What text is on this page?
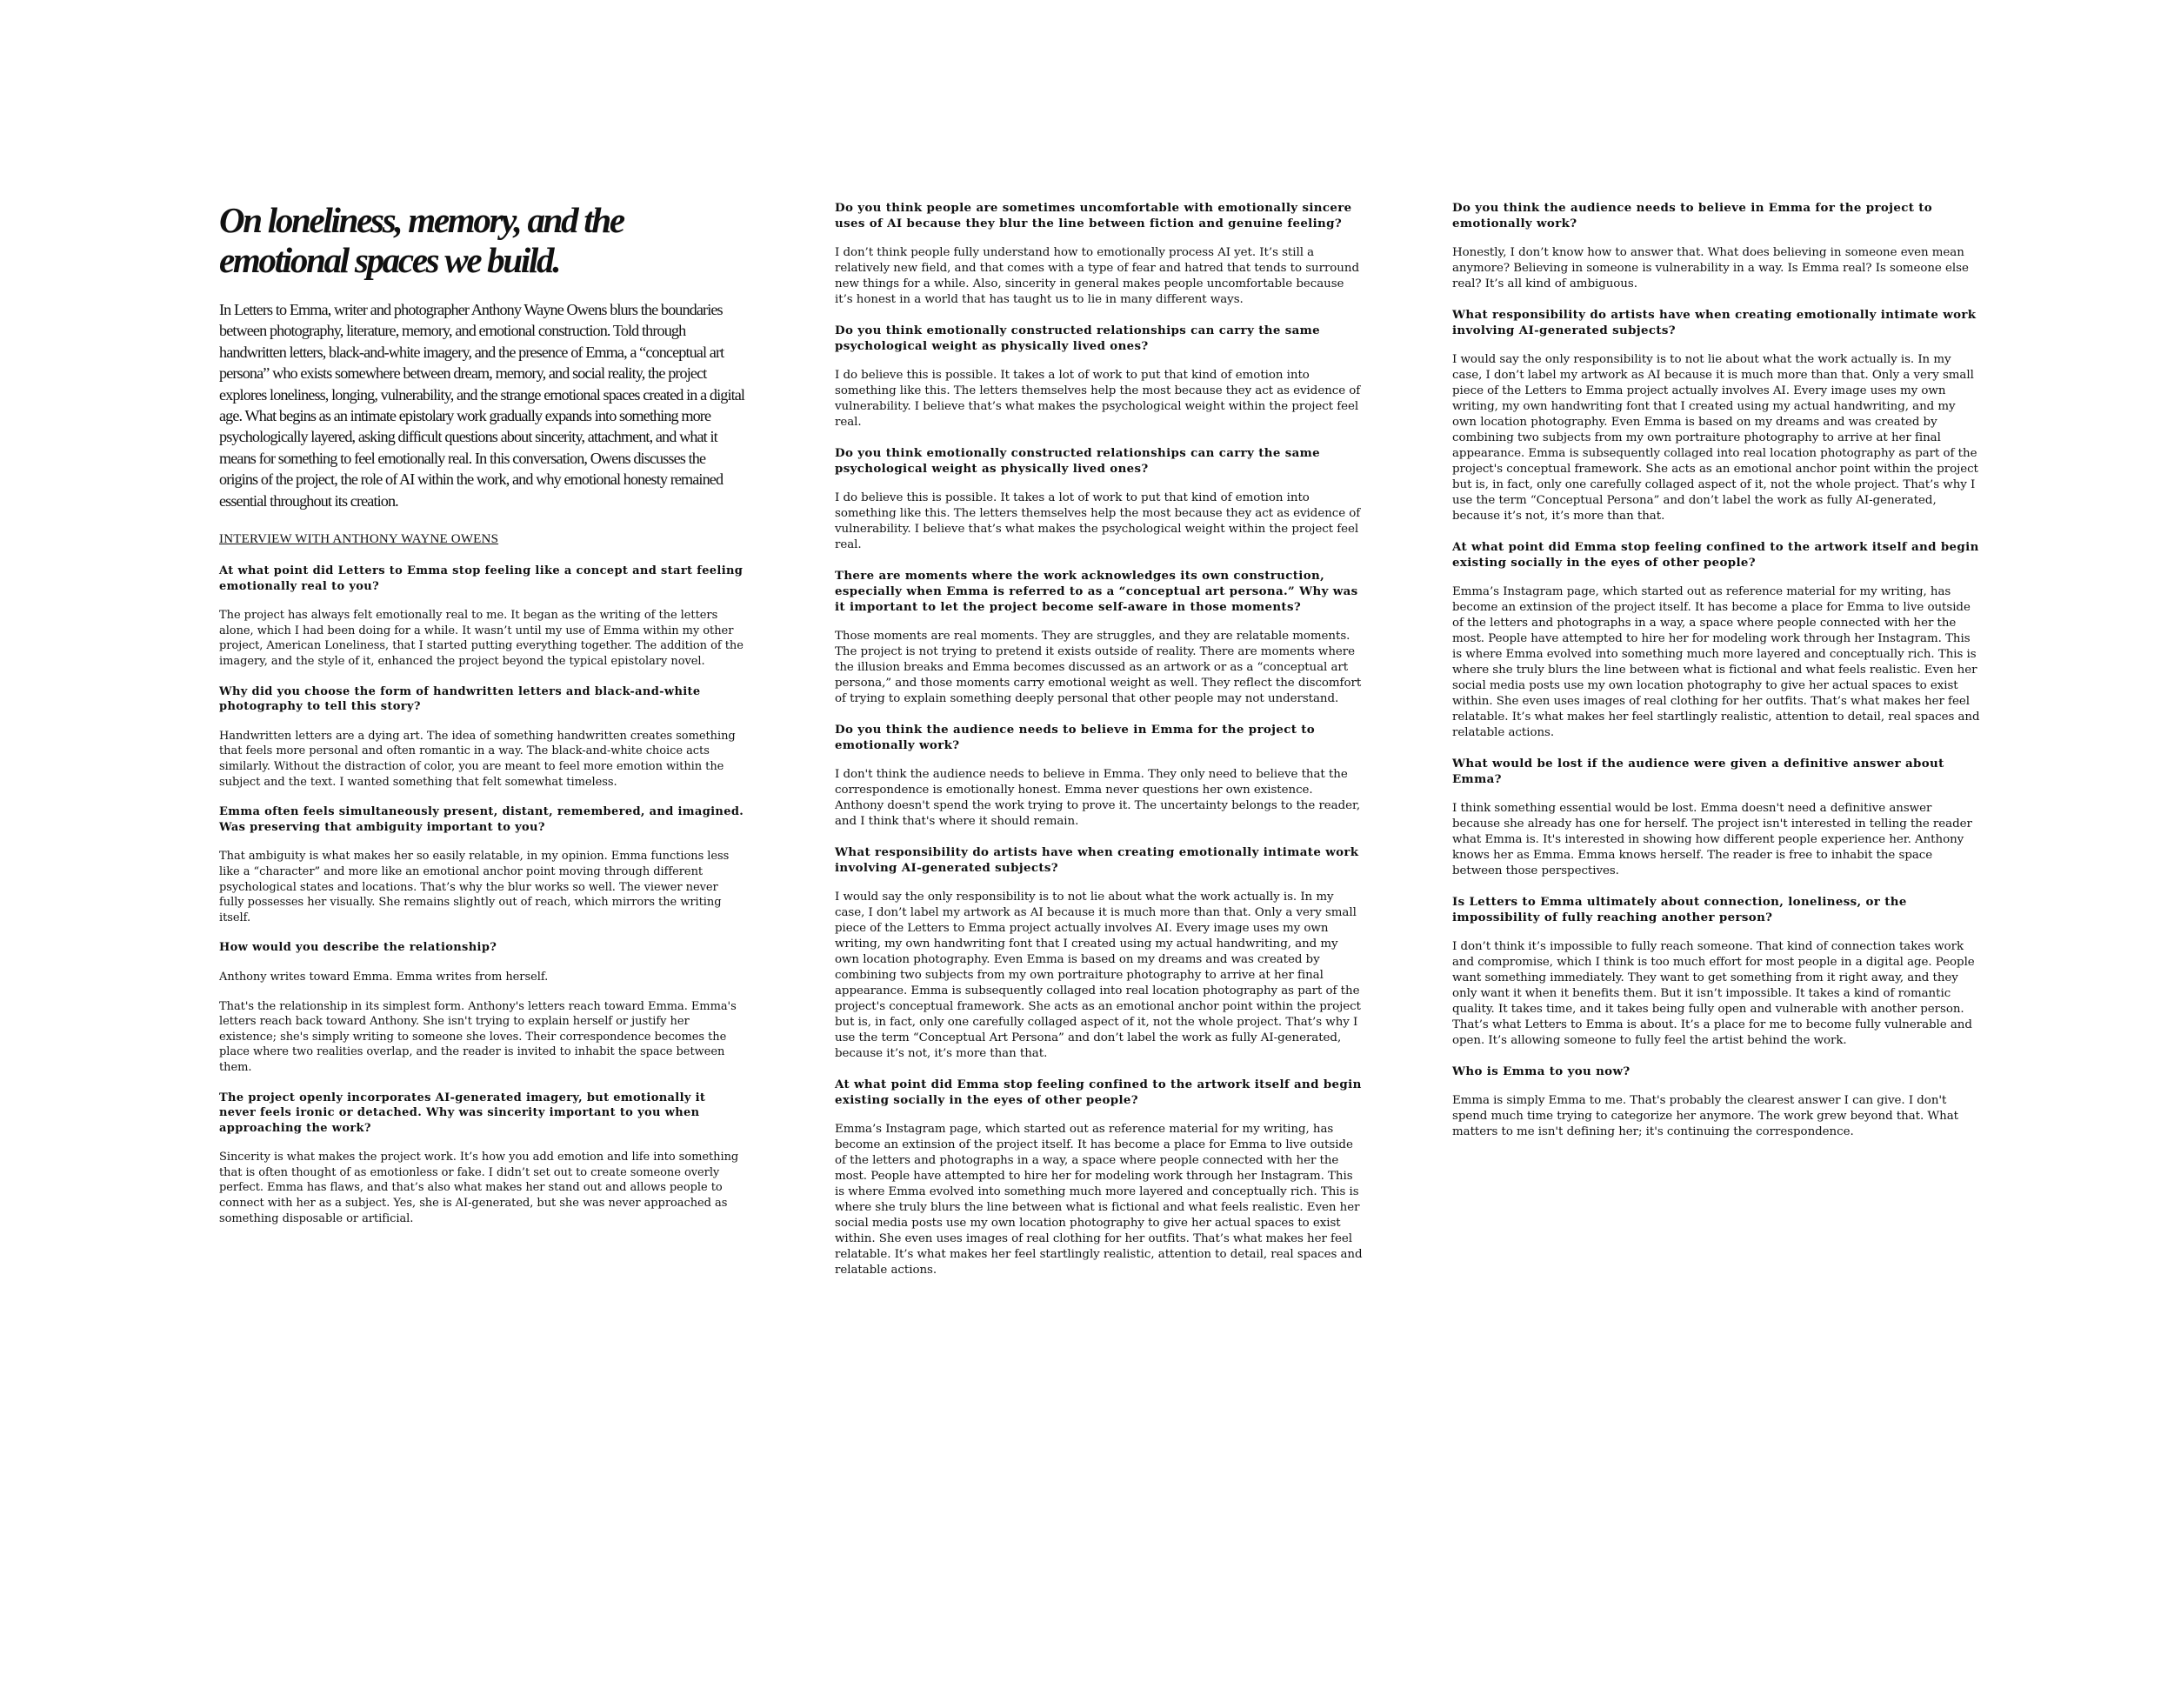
On loneliness, memory, and the emotional spaces we build.

In Letters to Emma, writer and photographer Anthony Wayne Owens blurs the boundaries between photography, literature, memory, and emotional construction. Told through handwritten letters, black-and-white imagery, and the presence of Emma, a “conceptual art persona” who exists somewhere between dream, memory, and social reality, the project explores loneliness, longing, vulnerability, and the strange emotional spaces created in a digital age. What begins as an intimate epistolary work gradually expands into something more psychologically layered, asking difficult questions about sincerity, attachment, and what it means for something to feel emotionally real. In this conversation, Owens discusses the origins of the project, the role of AI within the work, and why emotional honesty remained essential throughout its creation.

INTERVIEW WITH ANTHONY WAYNE OWENS

At what point did Letters to Emma stop feeling like a concept and start feeling emotionally real to you?

The project has always felt emotionally real to me. It began as the writing of the letters alone, which I had been doing for a while. It wasn’t until my use of Emma within my other project, American Loneliness, that I started putting everything together. The addition of the imagery, and the style of it, enhanced the project beyond the typical epistolary novel.

Why did you choose the form of handwritten letters and black-and-white photography to tell this story?

Handwritten letters are a dying art. The idea of something handwritten creates something that feels more personal and often romantic in a way. The black-and-white choice acts similarly. Without the distraction of color, you are meant to feel more emotion within the subject and the text. I wanted something that felt somewhat timeless.

Emma often feels simultaneously present, distant, remembered, and imagined. Was preserving that ambiguity important to you?

That ambiguity is what makes her so easily relatable, in my opinion. Emma functions less like a “character” and more like an emotional anchor point moving through different psychological states and locations. That’s why the blur works so well. The viewer never fully possesses her visually. She remains slightly out of reach, which mirrors the writing itself.

How would you describe the relationship?

Anthony writes toward Emma. Emma writes from herself.

That's the relationship in its simplest form. Anthony's letters reach toward Emma. Emma's letters reach back toward Anthony. She isn't trying to explain herself or justify her existence; she's simply writing to someone she loves. Their correspondence becomes the place where two realities overlap, and the reader is invited to inhabit the space between them.

The project openly incorporates AI-generated imagery, but emotionally it never feels ironic or detached. Why was sincerity important to you when approaching the work?

Sincerity is what makes the project work. It’s how you add emotion and life into something that is often thought of as emotionless or fake. I didn’t set out to create someone overly perfect. Emma has flaws, and that’s also what makes her stand out and allows people to connect with her as a subject. Yes, she is AI-generated, but she was never approached as something disposable or artificial.

Do you think people are sometimes uncomfortable with emotionally sincere uses of AI because they blur the line between fiction and genuine feeling?

I don’t think people fully understand how to emotionally process AI yet. It’s still a relatively new field, and that comes with a type of fear and hatred that tends to surround new things for a while. Also, sincerity in general makes people uncomfortable because it’s honest in a world that has taught us to lie in many different ways.

Do you think emotionally constructed relationships can carry the same psychological weight as physically lived ones?

I do believe this is possible. It takes a lot of work to put that kind of emotion into something like this. The letters themselves help the most because they act as evidence of vulnerability. I believe that’s what makes the psychological weight within the project feel real.

Do you think emotionally constructed relationships can carry the same psychological weight as physically lived ones?

I do believe this is possible. It takes a lot of work to put that kind of emotion into something like this. The letters themselves help the most because they act as evidence of vulnerability. I believe that’s what makes the psychological weight within the project feel real.

There are moments where the work acknowledges its own construction, especially when Emma is referred to as a “conceptual art persona.” Why was it important to let the project become self-aware in those moments?

Those moments are real moments. They are struggles, and they are relatable moments. The project is not trying to pretend it exists outside of reality. There are moments where the illusion breaks and Emma becomes discussed as an artwork or as a “conceptual art persona,” and those moments carry emotional weight as well. They reflect the discomfort of trying to explain something deeply personal that other people may not understand.

Do you think the audience needs to believe in Emma for the project to emotionally work?

I don't think the audience needs to believe in Emma. They only need to believe that the correspondence is emotionally honest. Emma never questions her own existence. Anthony doesn't spend the work trying to prove it. The uncertainty belongs to the reader, and I think that's where it should remain.

What responsibility do artists have when creating emotionally intimate work involving AI-generated subjects?

I would say the only responsibility is to not lie about what the work actually is. In my case, I don’t label my artwork as AI because it is much more than that. Only a very small piece of the Letters to Emma project actually involves AI. Every image uses my own writing, my own handwriting font that I created using my actual handwriting, and my own location photography. Even Emma is based on my dreams and was created by combining two subjects from my own portraiture photography to arrive at her final appearance. Emma is subsequently collaged into real location photography as part of the project's conceptual framework. She acts as an emotional anchor point within the project but is, in fact, only one carefully collaged aspect of it, not the whole project. That’s why I use the term “Conceptual Art Persona” and don’t label the work as fully AI-generated, because it’s not, it’s more than that.

At what point did Emma stop feeling confined to the artwork itself and begin existing socially in the eyes of other people?

Emma’s Instagram page, which started out as reference material for my writing, has become an extinsion of the project itself. It has become a place for Emma to live outside of the letters and photographs in a way, a space where people connected with her the most. People have attempted to hire her for modeling work through her Instagram. This is where Emma evolved into something much more layered and conceptually rich. This is where she truly blurs the line between what is fictional and what feels realistic. Even her social media posts use my own location photography to give her actual spaces to exist within. She even uses images of real clothing for her outfits. That’s what makes her feel relatable. It’s what makes her feel startlingly realistic, attention to detail, real spaces and relatable actions.

Do you think the audience needs to believe in Emma for the project to emotionally work?

Honestly, I don’t know how to answer that. What does believing in someone even mean anymore? Believing in someone is vulnerability in a way. Is Emma real? Is someone else real? It’s all kind of ambiguous.

What responsibility do artists have when creating emotionally intimate work involving AI-generated subjects?

I would say the only responsibility is to not lie about what the work actually is. In my case, I don’t label my artwork as AI because it is much more than that. Only a very small piece of the Letters to Emma project actually involves AI. Every image uses my own writing, my own handwriting font that I created using my actual handwriting, and my own location photography. Even Emma is based on my dreams and was created by combining two subjects from my own portraiture photography to arrive at her final appearance. Emma is subsequently collaged into real location photography as part of the project's conceptual framework. She acts as an emotional anchor point within the project but is, in fact, only one carefully collaged aspect of it, not the whole project. That’s why I use the term “Conceptual Persona” and don’t label the work as fully AI-generated, because it’s not, it’s more than that.

At what point did Emma stop feeling confined to the artwork itself and begin existing socially in the eyes of other people?

Emma’s Instagram page, which started out as reference material for my writing, has become an extinsion of the project itself. It has become a place for Emma to live outside of the letters and photographs in a way, a space where people connected with her the most. People have attempted to hire her for modeling work through her Instagram. This is where Emma evolved into something much more layered and conceptually rich. This is where she truly blurs the line between what is fictional and what feels realistic. Even her social media posts use my own location photography to give her actual spaces to exist within. She even uses images of real clothing for her outfits. That’s what makes her feel relatable. It’s what makes her feel startlingly realistic, attention to detail, real spaces and relatable actions.

What would be lost if the audience were given a definitive answer about Emma?

I think something essential would be lost. Emma doesn't need a definitive answer because she already has one for herself. The project isn't interested in telling the reader what Emma is. It's interested in showing how different people experience her. Anthony knows her as Emma. Emma knows herself. The reader is free to inhabit the space between those perspectives.

Is Letters to Emma ultimately about connection, loneliness, or the impossibility of fully reaching another person?

I don’t think it’s impossible to fully reach someone. That kind of connection takes work and compromise, which I think is too much effort for most people in a digital age. People want something immediately. They want to get something from it right away, and they only want it when it benefits them. But it isn’t impossible. It takes a kind of romantic quality. It takes time, and it takes being fully open and vulnerable with another person. That’s what Letters to Emma is about. It’s a place for me to become fully vulnerable and open. It’s allowing someone to fully feel the artist behind the work.

Who is Emma to you now?

Emma is simply Emma to me. That's probably the clearest answer I can give. I don't spend much time trying to categorize her anymore. The work grew beyond that. What matters to me isn't defining her; it's continuing the correspondence.
